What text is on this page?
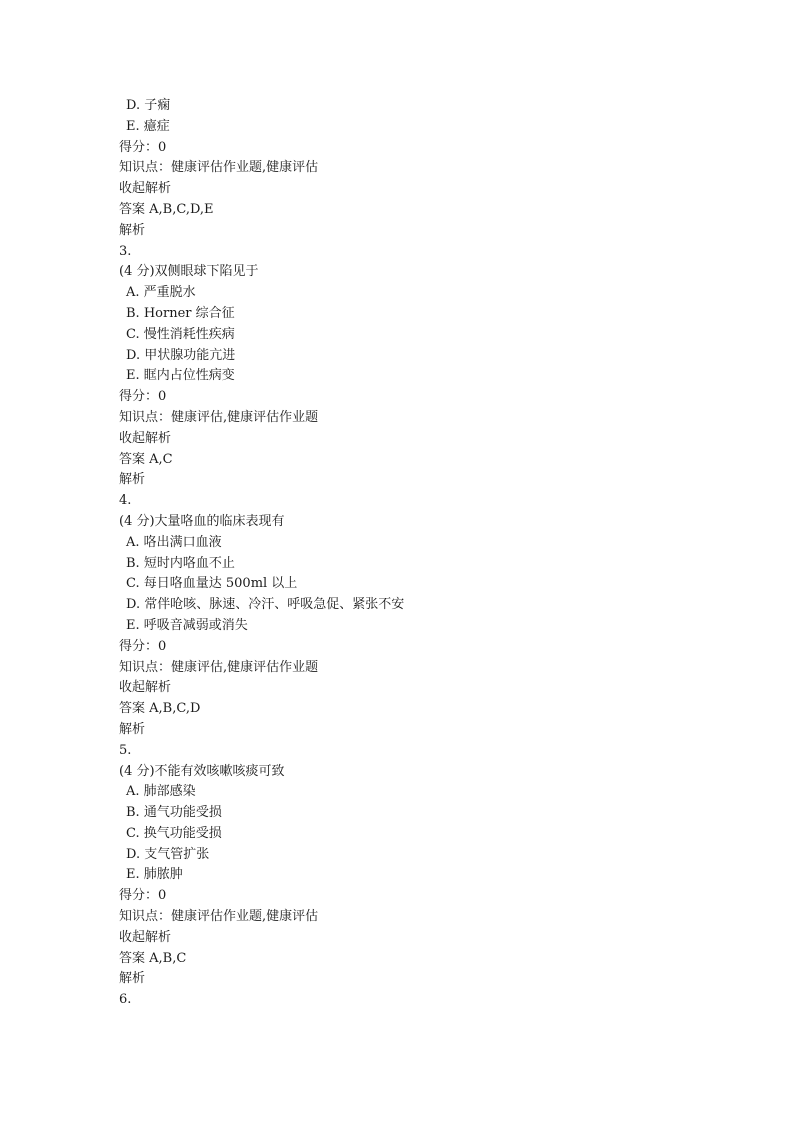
D. 子痫
E. 癔症
得分：0
知识点：健康评估作业题,健康评估
收起解析
答案 A,B,C,D,E
解析
3.
(4 分)双侧眼球下陷见于
A. 严重脱水
B. Horner 综合征
C. 慢性消耗性疾病
D. 甲状腺功能亢进
E. 眶内占位性病变
得分：0
知识点：健康评估,健康评估作业题
收起解析
答案 A,C
解析
4.
(4 分)大量咯血的临床表现有
A. 咯出满口血液
B. 短时内咯血不止
C. 每日咯血量达 500ml 以上
D. 常伴呛咳、脉速、冷汗、呼吸急促、紧张不安
E. 呼吸音减弱或消失
得分：0
知识点：健康评估,健康评估作业题
收起解析
答案 A,B,C,D
解析
5.
(4 分)不能有效咳嗽咳痰可致
A. 肺部感染
B. 通气功能受损
C. 换气功能受损
D. 支气管扩张
E. 肺脓肿
得分：0
知识点：健康评估作业题,健康评估
收起解析
答案 A,B,C
解析
6.
